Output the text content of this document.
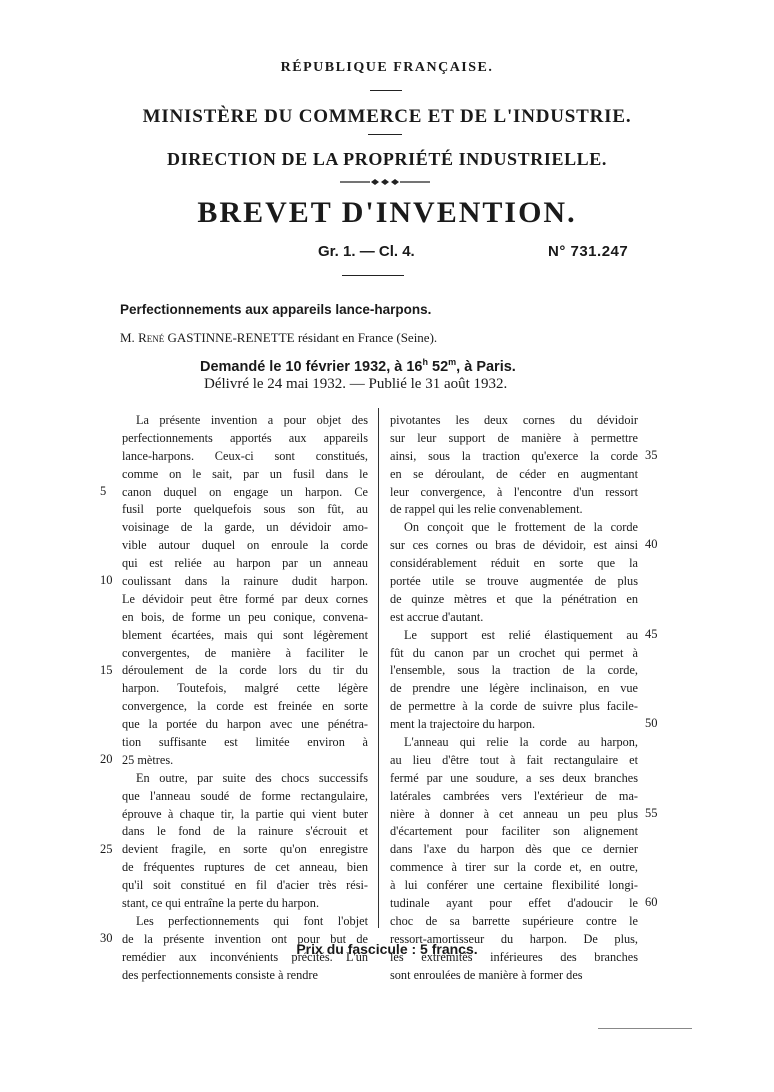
RÉPUBLIQUE FRANÇAISE.
MINISTÈRE DU COMMERCE ET DE L'INDUSTRIE.
DIRECTION DE LA PROPRIÉTÉ INDUSTRIELLE.
BREVET D'INVENTION.
Gr. 1. — Cl. 4.	N° 731.247
Perfectionnements aux appareils lance-harpons.
M. René GASTINNE-RENETTE résidant en France (Seine).
Demandé le 10 février 1932, à 16$^h$ 52$^m$, à Paris.
Délivré le 24 mai 1932. — Publié le 31 août 1932.
La présente invention a pour objet des
perfectionnements apportés aux appareils
lance-harpons. Ceux-ci sont constitués,
comme on le sait, par un fusil dans le
canon duquel on engage un harpon. Ce
fusil porte quelquefois sous son fût, au
voisinage de la garde, un dévidoir amo-
vible autour duquel on enroule la corde
qui est reliée au harpon par un anneau
coulissant dans la rainure dudit harpon.
Le dévidoir peut être formé par deux cornes
en bois, de forme un peu conique, convena-
blement écartées, mais qui sont légèrement
convergentes, de manière à faciliter le
déroulement de la corde lors du tir du
harpon. Toutefois, malgré cette légère
convergence, la corde est freinée en sorte
que la portée du harpon avec une pénétra-
tion suffisante est limitée environ à
25 mètres.
En outre, par suite des chocs successifs
que l'anneau soudé de forme rectangulaire,
éprouve à chaque tir, la partie qui vient buter
dans le fond de la rainure s'écrouit et
devient fragile, en sorte qu'on enregistre
de fréquentes ruptures de cet anneau, bien
qu'il soit constitué en fil d'acier très rési-
stant, ce qui entraîne la perte du harpon.
Les perfectionnements qui font l'objet
de la présente invention ont pour but de
remédier aux inconvénients précités. L'un
des perfectionnements consiste à rendre
pivotantes les deux cornes du dévidoir
sur leur support de manière à permettre
ainsi, sous la traction qu'exerce la corde
en se déroulant, de céder en augmentant
leur convergence, à l'encontre d'un ressort
de rappel qui les relie convenablement.
On conçoit que le frottement de la corde
sur ces cornes ou bras de dévidoir, est ainsi
considérablement réduit en sorte que la
portée utile se trouve augmentée de plus
de quinze mètres et que la pénétration en
est accrue d'autant.
Le support est relié élastiquement au
fût du canon par un crochet qui permet à
l'ensemble, sous la traction de la corde,
de prendre une légère inclinaison, en vue
de permettre à la corde de suivre plus facile-
ment la trajectoire du harpon.
L'anneau qui relie la corde au harpon,
au lieu d'être tout à fait rectangulaire et
fermé par une soudure, a ses deux branches
latérales cambrées vers l'extérieur de ma-
nière à donner à cet anneau un peu plus
d'écartement pour faciliter son alignement
dans l'axe du harpon dès que ce dernier
commence à tirer sur la corde et, en outre,
à lui conférer une certaine flexibilité longi-
tudinale ayant pour effet d'adoucir le
choc de sa barrette supérieure contre le
ressort-amortisseur du harpon. De plus,
les extrémités inférieures des branches
sont enroulées de manière à former des
5
10
15
20
25
30
35
40
45
50
55
60
Prix du fascicule : 5 francs.
